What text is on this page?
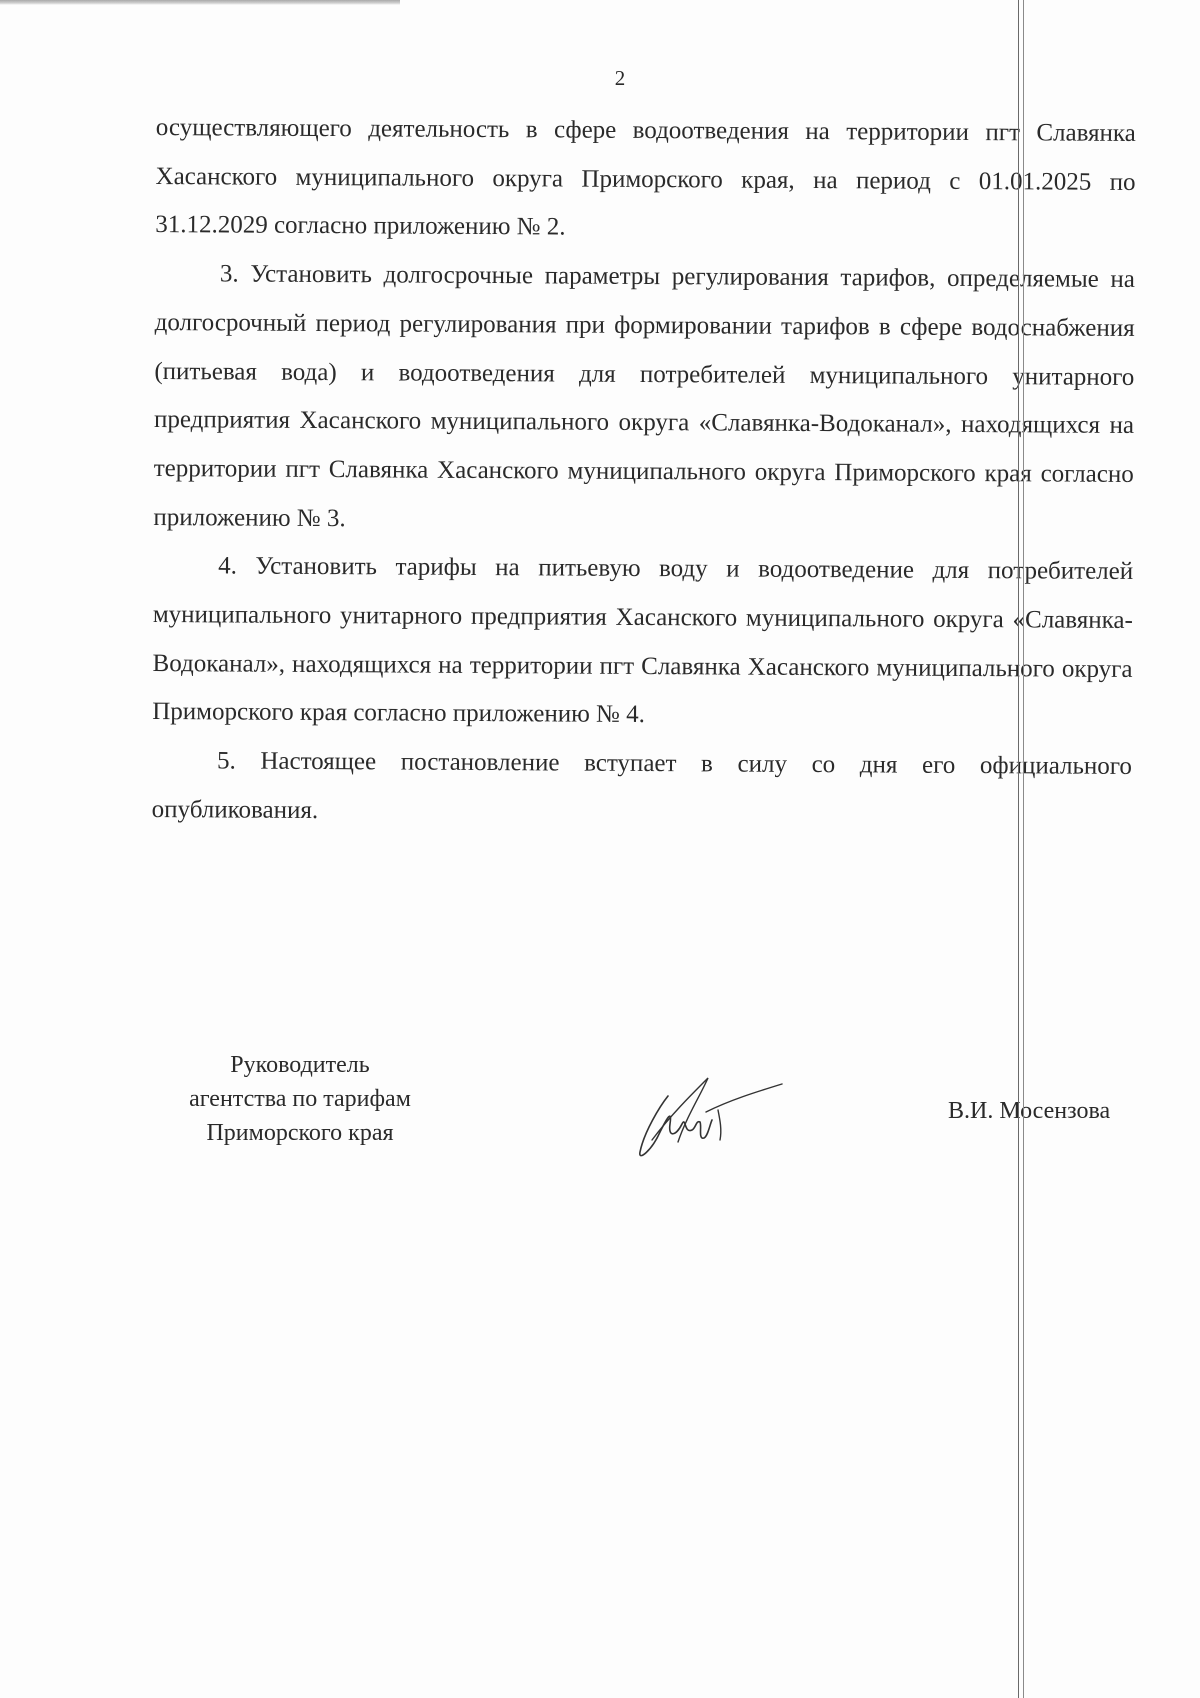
2

осуществляющего деятельность в сфере водоотведения на территории пгт Славянка Хасанского муниципального округа Приморского края, на период с 01.01.2025 по 31.12.2029 согласно приложению № 2.

3. Установить долгосрочные параметры регулирования тарифов, определяемые на долгосрочный период регулирования при формировании тарифов в сфере водоснабжения (питьевая вода) и водоотведения для потребителей муниципального унитарного предприятия Хасанского муниципального округа «Славянка-Водоканал», находящихся на территории пгт Славянка Хасанского муниципального округа Приморского края согласно приложению № 3.

4. Установить тарифы на питьевую воду и водоотведение для потребителей муниципального унитарного предприятия Хасанского муниципального округа «Славянка-Водоканал», находящихся на территории пгт Славянка Хасанского муниципального округа Приморского края согласно приложению № 4.

5. Настоящее постановление вступает в силу со дня его официального опубликования.

Руководитель
агентства по тарифам
Приморского края
В.И. Мосензова
